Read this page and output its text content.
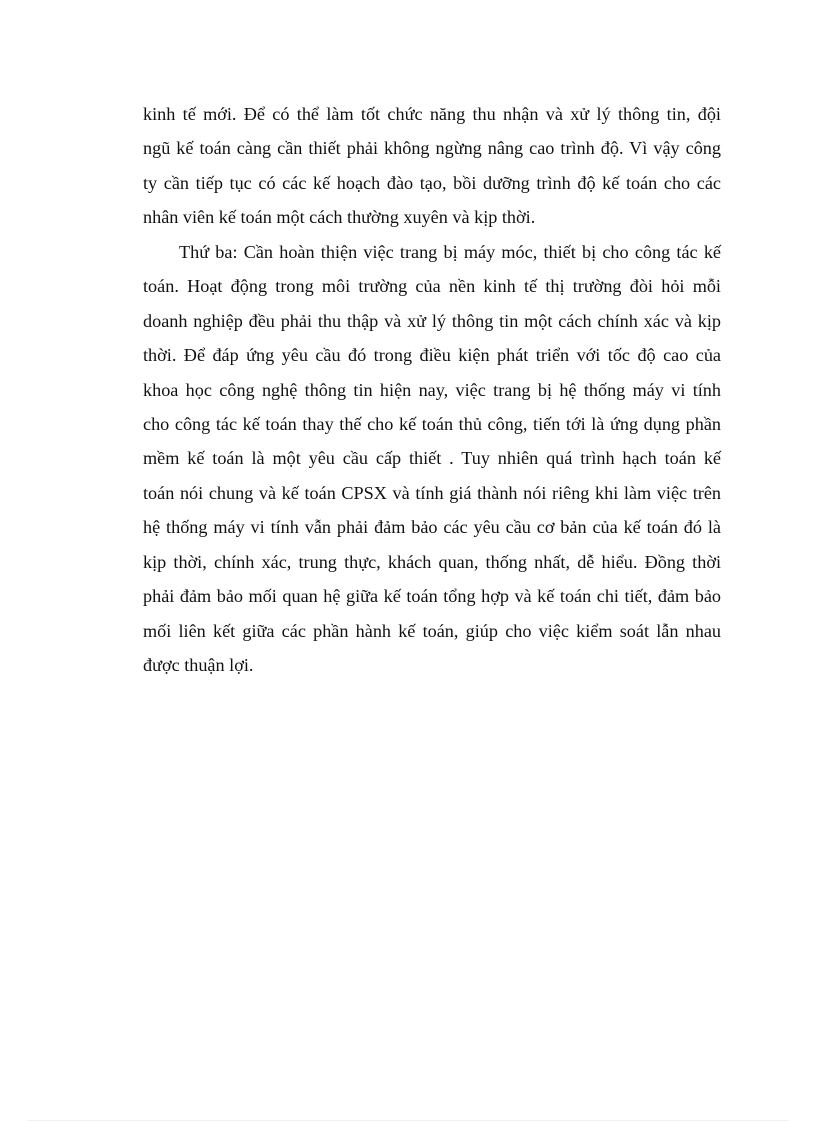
kinh tế mới. Để có thể làm tốt chức năng thu nhận và xử lý thông tin, đội
ngũ kế toán càng cần thiết phải không ngừng nâng cao trình độ. Vì vậy công
ty cần tiếp tục có các kế hoạch đào tạo, bồi dưỡng trình độ kế toán cho các
nhân viên kế toán một cách thường xuyên và kịp thời.
Thứ ba: Cần hoàn thiện việc trang bị máy móc, thiết bị cho công tác kế
toán. Hoạt động trong môi trường của nền kinh tế thị trường đòi hỏi mỗi
doanh nghiệp đều phải thu thập và xử lý thông tin một cách chính xác và kịp
thời. Để đáp ứng yêu cầu đó trong điều kiện phát triển với tốc độ cao của
khoa học công nghệ thông tin hiện nay, việc trang bị hệ thống máy vi tính
cho công tác kế toán thay thế cho kế toán thủ công, tiến tới là ứng dụng phần
mềm kế toán là một yêu cầu cấp thiết . Tuy nhiên quá trình hạch toán kế
toán nói chung và kế toán CPSX và tính giá thành nói riêng khi làm việc trên
hệ thống máy vi tính vẫn phải đảm bảo các yêu cầu cơ bản của kế toán đó là
kịp thời, chính xác, trung thực, khách quan, thống nhất, dễ hiểu. Đồng thời
phải đảm bảo mối quan hệ giữa kế toán tổng hợp và kế toán chi tiết, đảm bảo
mối liên kết giữa các phần hành kế toán, giúp cho việc kiểm soát lẫn nhau
được thuận lợi.
